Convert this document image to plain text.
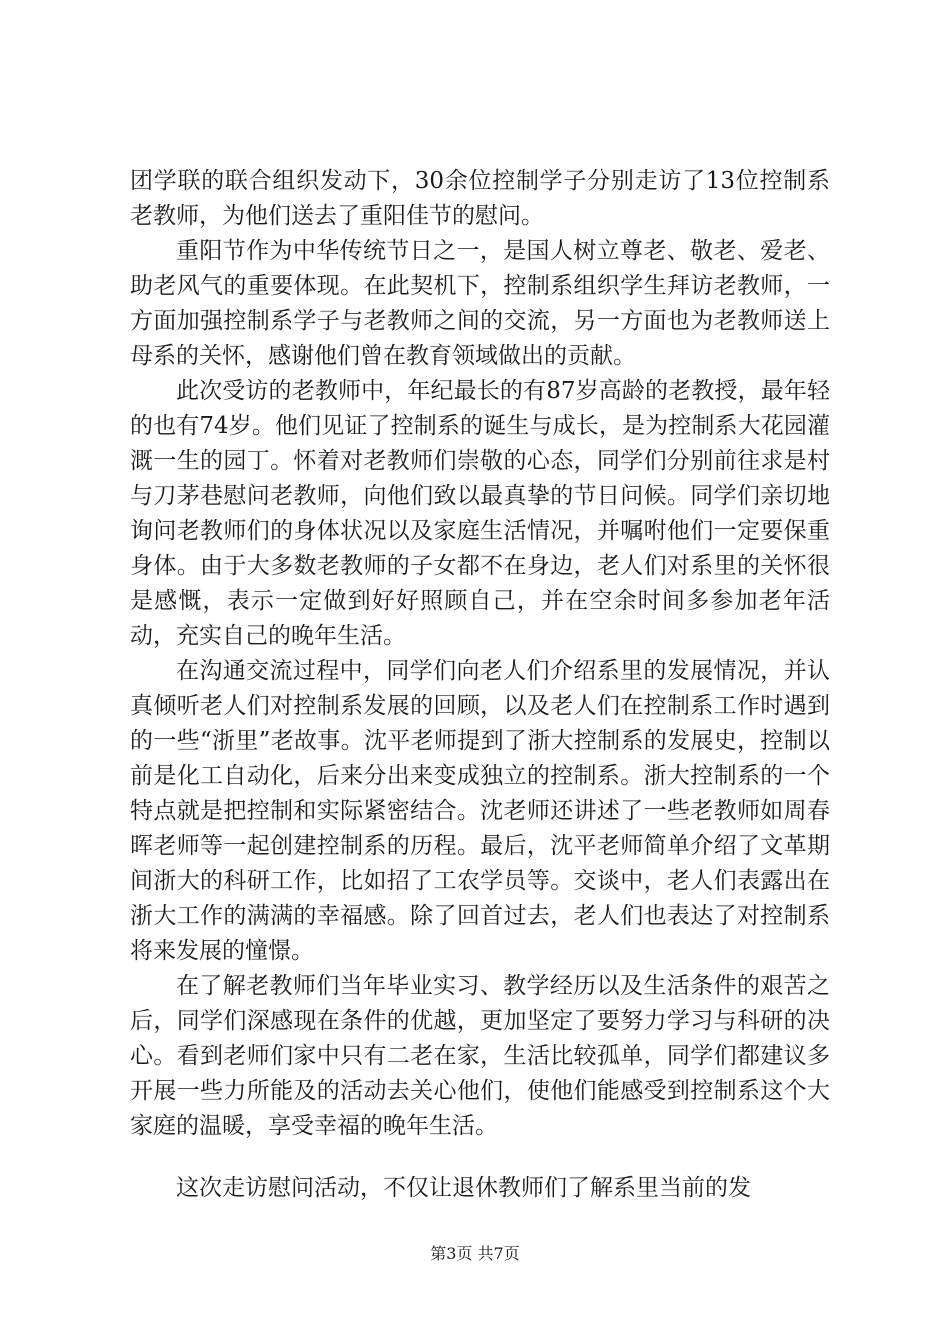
团学联的联合组织发动下，30余位控制学子分别走访了13位控制系老教师，为他们送去了重阳佳节的慰问。

重阳节作为中华传统节日之一，是国人树立尊老、敬老、爱老、助老风气的重要体现。在此契机下，控制系组织学生拜访老教师，一方面加强控制系学子与老教师之间的交流，另一方面也为老教师送上母系的关怀，感谢他们曾在教育领域做出的贡献。

此次受访的老教师中，年纪最长的有87岁高龄的老教授，最年轻的也有74岁。他们见证了控制系的诞生与成长，是为控制系大花园灌溉一生的园丁。怀着对老教师们崇敬的心态，同学们分别前往求是村与刀茅巷慰问老教师，向他们致以最真挚的节日问候。同学们亲切地询问老教师们的身体状况以及家庭生活情况，并嘱咐他们一定要保重身体。由于大多数老教师的子女都不在身边，老人们对系里的关怀很是感慨，表示一定做到好好照顾自己，并在空余时间多参加老年活动，充实自己的晚年生活。

在沟通交流过程中，同学们向老人们介绍系里的发展情况，并认真倾听老人们对控制系发展的回顾，以及老人们在控制系工作时遇到的一些“浙里”老故事。沈平老师提到了浙大控制系的发展史，控制以前是化工自动化，后来分出来变成独立的控制系。浙大控制系的一个特点就是把控制和实际紧密结合。沈老师还讲述了一些老教师如周春晖老师等一起创建控制系的历程。最后，沈平老师简单介绍了文革期间浙大的科研工作，比如招了工农学员等。交谈中，老人们表露出在浙大工作的满满的幸福感。除了回首过去，老人们也表达了对控制系将来发展的憧憬。

在了解老教师们当年毕业实习、教学经历以及生活条件的艰苦之后，同学们深感现在条件的优越，更加坚定了要努力学习与科研的决心。看到老师们家中只有二老在家，生活比较孤单，同学们都建议多开展一些力所能及的活动去关心他们，使他们能感受到控制系这个大家庭的温暖，享受幸福的晚年生活。

这次走访慰问活动，不仅让退休教师们了解系里当前的发

第3页 共7页
